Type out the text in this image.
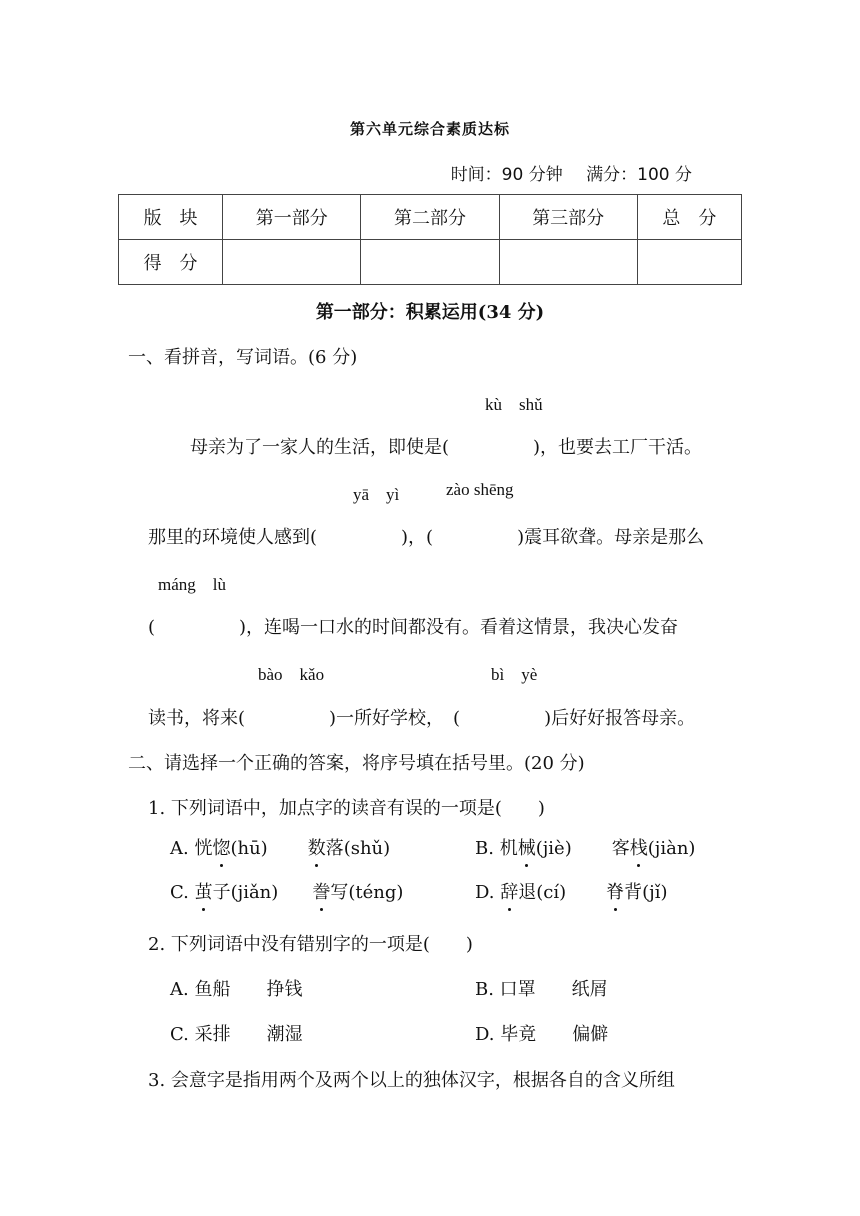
第六单元综合素质达标
时间：90 分钟 满分：100 分
版　块	第一部分	第二部分	第三部分	总　分
得　分				
第一部分：积累运用(34 分)
一、看拼音，写词语。(6 分)
kù　shǔ
母亲为了一家人的生活，即使是(	)，也要去工厂干活。
yā　yì	zào shēng
那里的环境使人感到(	)，(	)震耳欲聋。母亲是那么
máng　lù
(	)，连喝一口水的时间都没有。看着这情景，我决心发奋
bào　kǎo	bì　yè
读书，将来(	)一所好学校，　(	)后好好报答母亲。
二、请选择一个正确的答案，将序号填在括号里。(20 分)
1. 下列词语中，加点字的读音有误的一项是(　　)
A. 恍惚(hū) 数落(shǔ)	B. 机械(jiè) 客栈(jiàn)
C. 茧子(jiǎn) 誊写(téng)	D. 辞退(cí) 脊背(jǐ)
2. 下列词语中没有错别字的一项是(　　)
A. 鱼船　　挣钱	B. 口罩　　纸屑
C. 采排　　潮湿	D. 毕竟　　偏僻
3. 会意字是指用两个及两个以上的独体汉字，根据各自的含义所组
